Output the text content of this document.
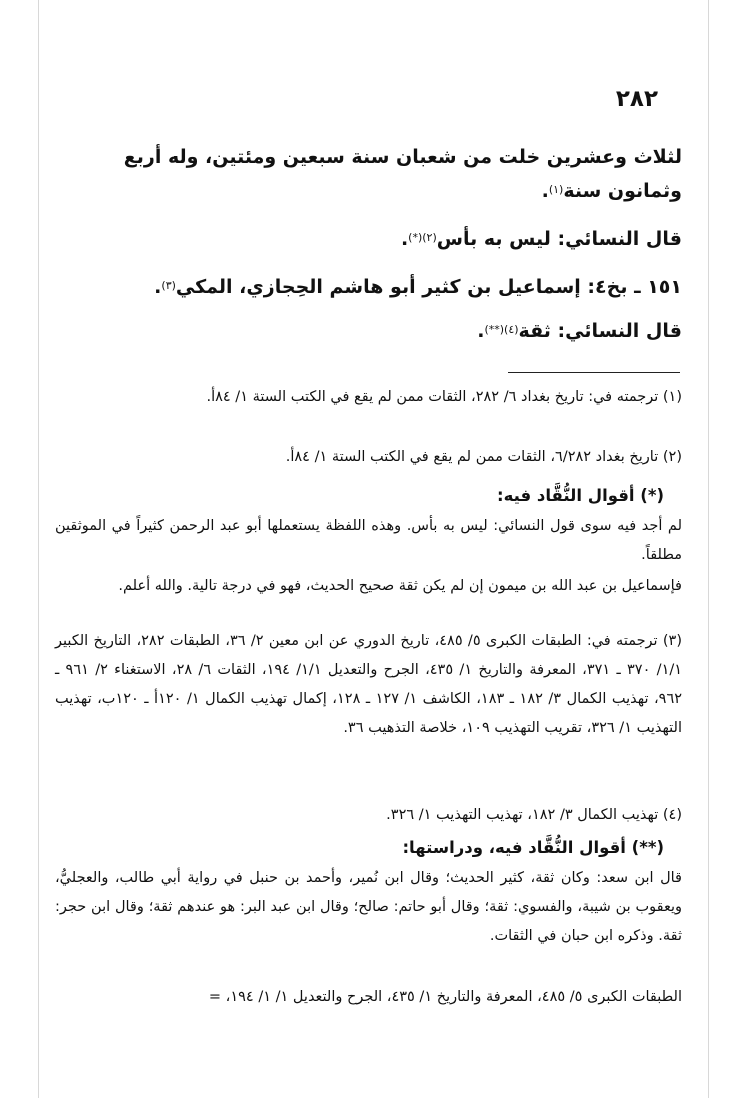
٢٨٢
لثلاث وعشرين خلت من شعبان سنة سبعين ومئتين، وله أربع وثمانون سنة$^{(١)}$.
قال النسائي: ليس به بأس$^{(٢)(*)}$.
١٥١ ـ بخ٤: إسماعيل بن كثير أبو هاشم الحِجازي، المكي$^{(٣)}$.
قال النسائي: ثقة$^{(٤)(**)}$.
(١) ترجمته في: تاريخ بغداد ٦/ ٢٨٢، الثقات ممن لم يقع في الكتب الستة ١/ ٨٤أ.
(٢) تاريخ بغداد ٦/٢٨٢، الثقات ممن لم يقع في الكتب الستة ١/ ٨٤أ.
(*) أقوال النُّقَّاد فيه:
لم أجد فيه سوى قول النسائي: ليس به بأس. وهذه اللفظة يستعملها أبو عبد الرحمن كثيراً في الموثقين مطلقاً.
فإسماعيل بن عبد الله بن ميمون إن لم يكن ثقة صحيح الحديث، فهو في درجة تالية. والله أعلم.
(٣) ترجمته في: الطبقات الكبرى ٥/ ٤٨٥، تاريخ الدوري عن ابن معين ٢/ ٣٦، الطبقات ٢٨٢، التاريخ الكبير ١/١/ ٣٧٠ ـ ٣٧١، المعرفة والتاريخ ١/ ٤٣٥، الجرح والتعديل ١/١/ ١٩٤، الثقات ٦/ ٢٨، الاستغناء ٢/ ٩٦١ ـ ٩٦٢، تهذيب الكمال ٣/ ١٨٢ ـ ١٨٣، الكاشف ١/ ١٢٧ ـ ١٢٨، إكمال تهذيب الكمال ١/ ١٢٠أ ـ ١٢٠ب، تهذيب التهذيب ١/ ٣٢٦، تقريب التهذيب ١٠٩، خلاصة التذهيب ٣٦.
(٤) تهذيب الكمال ٣/ ١٨٢، تهذيب التهذيب ١/ ٣٢٦.
(**) أقوال النُّقَّاد فيه، ودراستها:
قال ابن سعد: وكان ثقة، كثير الحديث؛ وقال ابن نُمير، وأحمد بن حنبل في رواية أبي طالب، والعجليُّ، ويعقوب بن شيبة، والفسوي: ثقة؛ وقال أبو حاتم: صالح؛ وقال ابن عبد البر: هو عندهم ثقة؛ وقال ابن حجر: ثقة. وذكره ابن حبان في الثقات.
الطبقات الكبرى ٥/ ٤٨٥، المعرفة والتاريخ ١/ ٤٣٥، الجرح والتعديل ١/ ١/ ١٩٤، =
